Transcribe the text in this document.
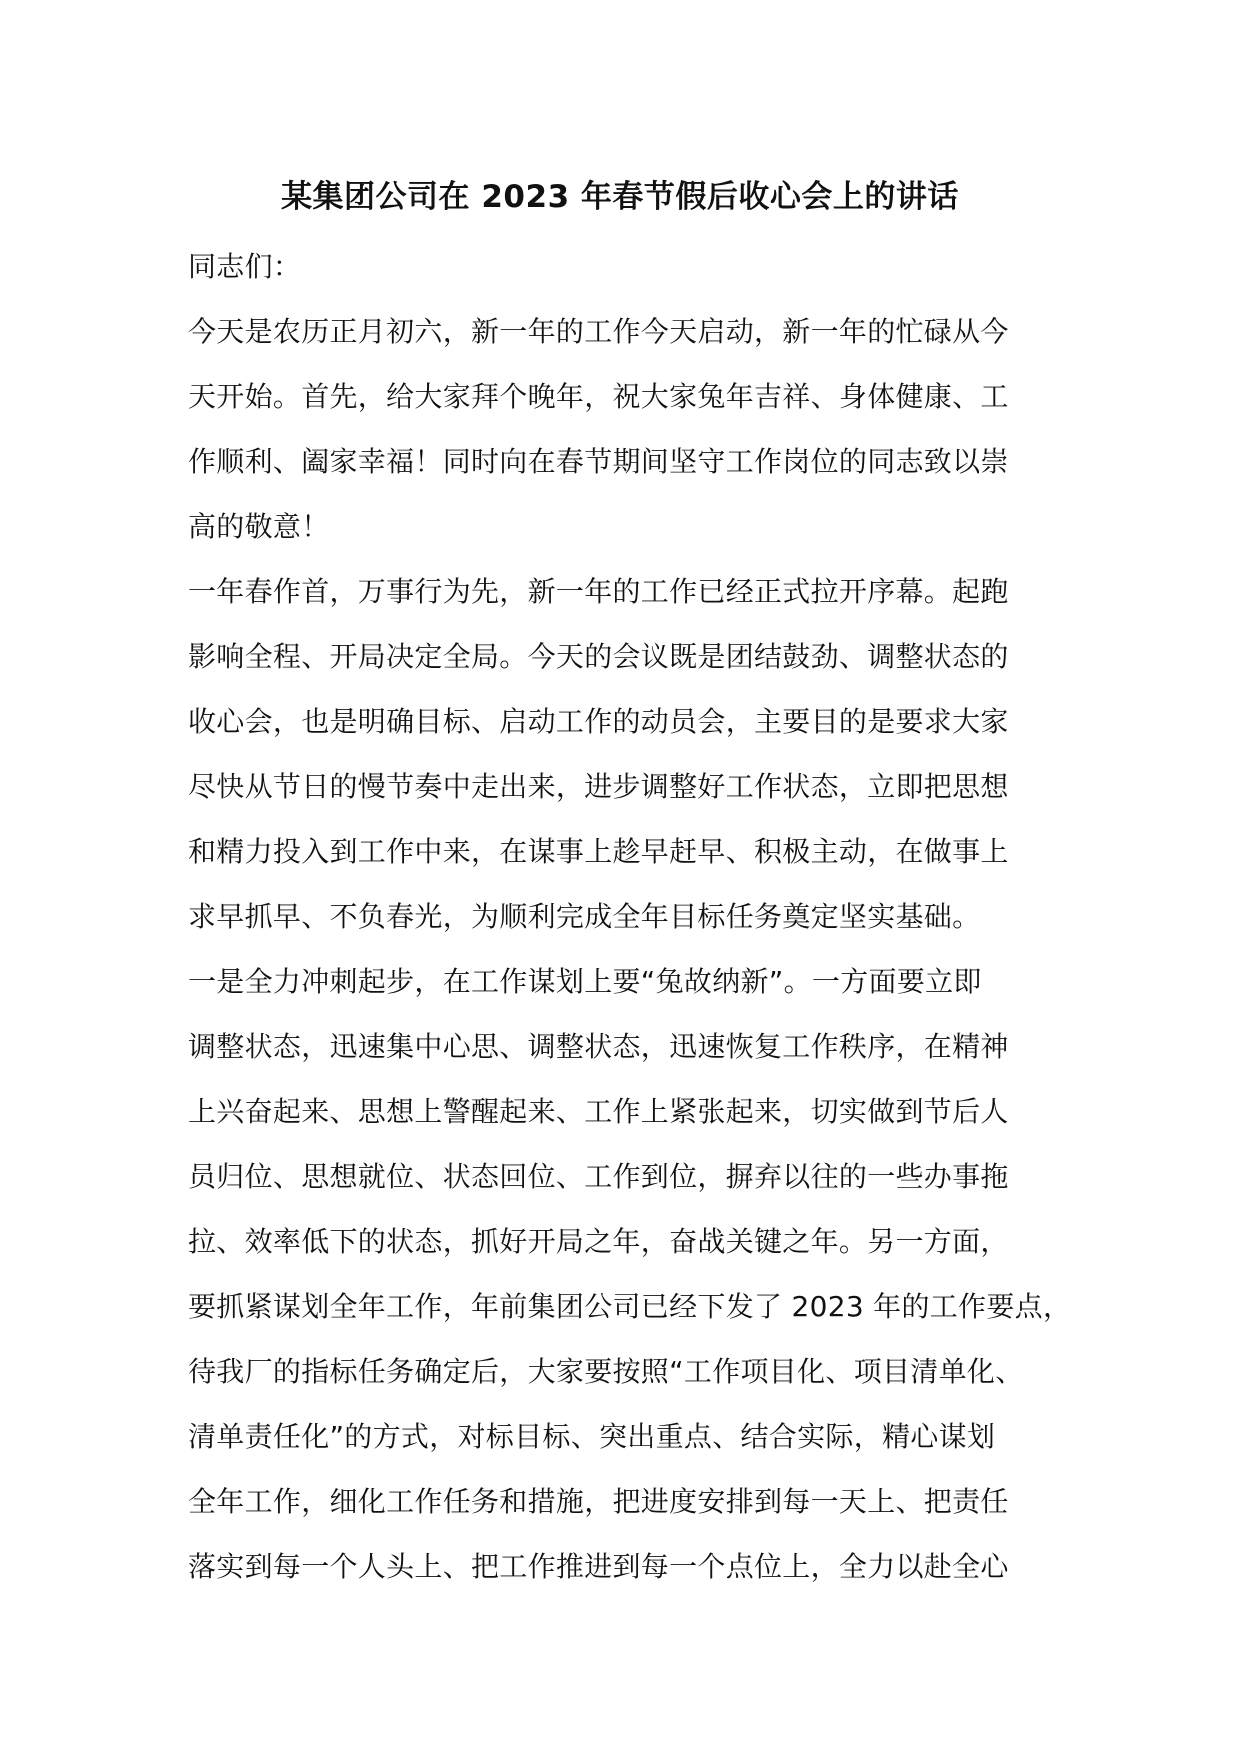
某集团公司在 2023 年春节假后收心会上的讲话
同志们：
今天是农历正月初六，新一年的工作今天启动，新一年的忙碌从今
天开始。首先，给大家拜个晚年，祝大家兔年吉祥、身体健康、工
作顺利、阖家幸福！同时向在春节期间坚守工作岗位的同志致以崇
高的敬意！
一年春作首，万事行为先，新一年的工作已经正式拉开序幕。起跑
影响全程、开局决定全局。今天的会议既是团结鼓劲、调整状态的
收心会，也是明确目标、启动工作的动员会，主要目的是要求大家
尽快从节日的慢节奏中走出来，进步调整好工作状态，立即把思想
和精力投入到工作中来，在谋事上趁早赶早、积极主动，在做事上
求早抓早、不负春光，为顺利完成全年目标任务奠定坚实基础。
一是全力冲刺起步，在工作谋划上要“兔故纳新”。一方面要立即
调整状态，迅速集中心思、调整状态，迅速恢复工作秩序，在精神
上兴奋起来、思想上警醒起来、工作上紧张起来，切实做到节后人
员归位、思想就位、状态回位、工作到位，摒弃以往的一些办事拖
拉、效率低下的状态，抓好开局之年，奋战关键之年。另一方面，
要抓紧谋划全年工作，年前集团公司已经下发了 2023 年的工作要点，
待我厂的指标任务确定后，大家要按照“工作项目化、项目清单化、
清单责任化”的方式，对标目标、突出重点、结合实际，精心谋划
全年工作，细化工作任务和措施，把进度安排到每一天上、把责任
落实到每一个人头上、把工作推进到每一个点位上，全力以赴全心
